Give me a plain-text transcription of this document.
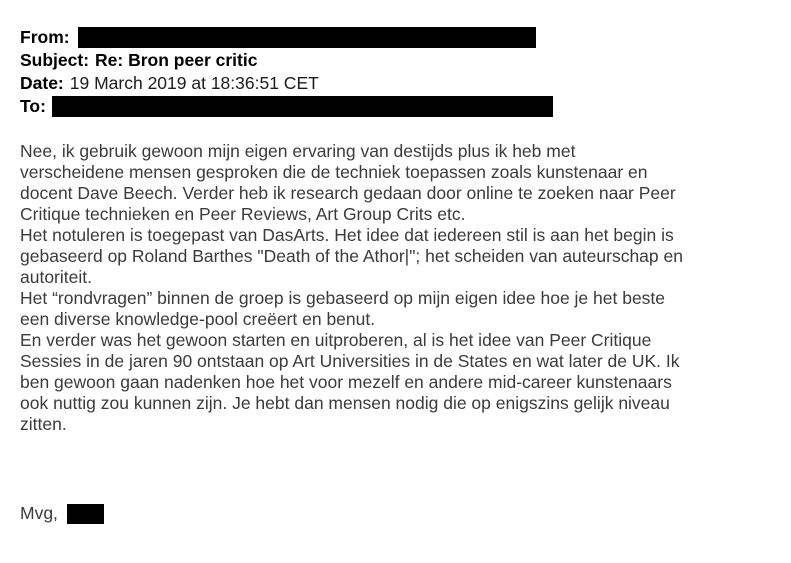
From:
Subject: Re: Bron peer critic
Date: 19 March 2019 at 18:36:51 CET
To:
Nee, ik gebruik gewoon mijn eigen ervaring van destijds plus ik heb met
verscheidene mensen gesproken die de techniek toepassen zoals kunstenaar en
docent Dave Beech. Verder heb ik research gedaan door online te zoeken naar Peer
Critique technieken en Peer Reviews, Art Group Crits etc.
Het notuleren is toegepast van DasArts. Het idee dat iedereen stil is aan het begin is
gebaseerd op Roland Barthes "Death of the Athor|"; het scheiden van auteurschap en
autoriteit.
Het “rondvragen” binnen de groep is gebaseerd op mijn eigen idee hoe je het beste
een diverse knowledge-pool creëert en benut.
En verder was het gewoon starten en uitproberen, al is het idee van Peer Critique
Sessies in de jaren 90 ontstaan op Art Universities in de States en wat later de UK. Ik
ben gewoon gaan nadenken hoe het voor mezelf en andere mid-career kunstenaars
ook nuttig zou kunnen zijn. Je hebt dan mensen nodig die op enigszins gelijk niveau
zitten.
Mvg,
